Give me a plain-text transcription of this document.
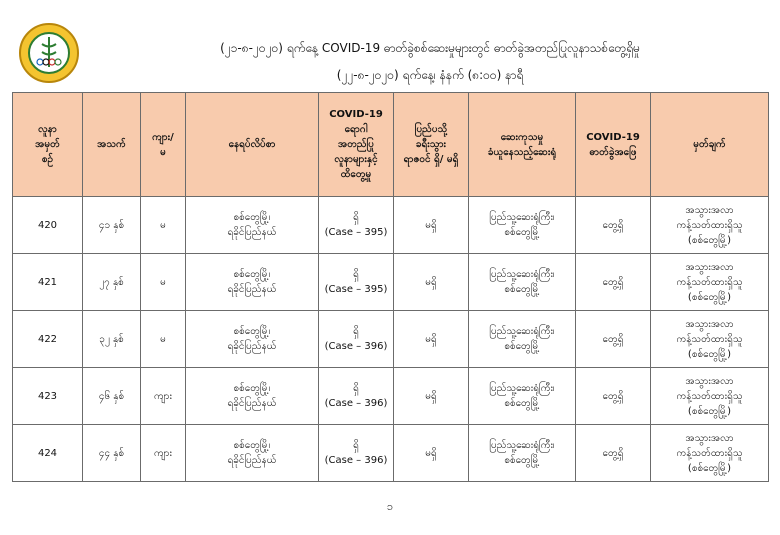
(၂၁-၈-၂၀၂၀) ရက်နေ့ COVID-19 ဓာတ်ခွဲစစ်ဆေးမှုများတွင် ဓာတ်ခွဲအတည်ပြုလူနာသစ်တွေ့ရှိမှု
(၂၂-၈-၂၀၂၀) ရက်နေ့၊ နံနက် (၈:၀၀) နာရီ
လူနာ
အမှတ်
စဉ်	အသက်	ကျား/
မ	နေရပ်လိပ်စာ	COVID-19
ရောဂါ
အတည်ပြု
လူနာများနှင့်
ထိတွေ့မှု	ပြည်ပသို့
ခရီးသွား
ရာဇဝင် ရှိ/ မရှိ	ဆေးကုသမှု
ခံယူနေသည့်ဆေးရုံ	COVID-19
ဓာတ်ခွဲအဖြေ	မှတ်ချက်

420	၄၁ နှစ်	မ	စစ်တွေမြို့၊
ရခိုင်ပြည်နယ်	ရှိ
(Case – 395)	မရှိ	ပြည်သူ့ဆေးရုံကြီး၊
စစ်တွေမြို့	တွေ့ရှိ	အသွားအလာ
ကန့်သတ်ထားရှိသူ
(စစ်တွေမြို့)

421	၂၇ နှစ်	မ	စစ်တွေမြို့၊
ရခိုင်ပြည်နယ်	ရှိ
(Case – 395)	မရှိ	ပြည်သူ့ဆေးရုံကြီး၊
စစ်တွေမြို့	တွေ့ရှိ	အသွားအလာ
ကန့်သတ်ထားရှိသူ
(စစ်တွေမြို့)

422	၃၂ နှစ်	မ	စစ်တွေမြို့၊
ရခိုင်ပြည်နယ်	ရှိ
(Case – 396)	မရှိ	ပြည်သူ့ဆေးရုံကြီး၊
စစ်တွေမြို့	တွေ့ရှိ	အသွားအလာ
ကန့်သတ်ထားရှိသူ
(စစ်တွေမြို့)

423	၄၆ နှစ်	ကျား	စစ်တွေမြို့၊
ရခိုင်ပြည်နယ်	ရှိ
(Case – 396)	မရှိ	ပြည်သူ့ဆေးရုံကြီး၊
စစ်တွေမြို့	တွေ့ရှိ	အသွားအလာ
ကန့်သတ်ထားရှိသူ
(စစ်တွေမြို့)

424	၄၄ နှစ်	ကျား	စစ်တွေမြို့၊
ရခိုင်ပြည်နယ်	ရှိ
(Case – 396)	မရှိ	ပြည်သူ့ဆေးရုံကြီး၊
စစ်တွေမြို့	တွေ့ရှိ	အသွားအလာ
ကန့်သတ်ထားရှိသူ
(စစ်တွေမြို့)
၁
